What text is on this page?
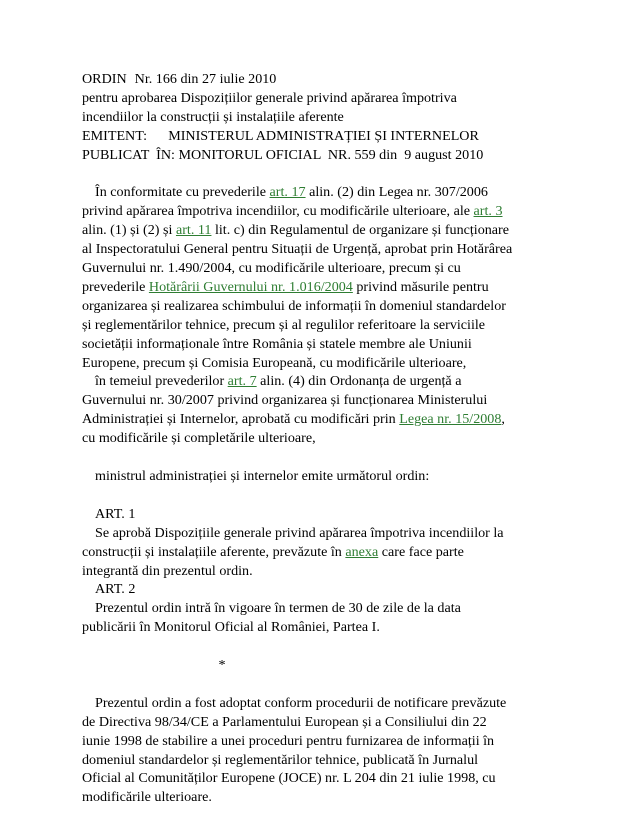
ORDIN Nr. 166 din 27 iulie 2010
pentru aprobarea Dispozițiilor generale privind apărarea împotriva
incendiilor la construcții și instalațiile aferente
EMITENT:      MINISTERUL ADMINISTRAȚIEI ȘI INTERNELOR
PUBLICAT  ÎN: MONITORUL OFICIAL  NR. 559 din  9 august 2010
În conformitate cu prevederile art. 17 alin. (2) din Legea nr. 307/2006
privind apărarea împotriva incendiilor, cu modificările ulterioare, ale art. 3
alin. (1) și (2) și art. 11 lit. c) din Regulamentul de organizare și funcționare
al Inspectoratului General pentru Situații de Urgență, aprobat prin Hotărârea
Guvernului nr. 1.490/2004, cu modificările ulterioare, precum și cu
prevederile Hotărârii Guvernului nr. 1.016/2004 privind măsurile pentru
organizarea și realizarea schimbului de informații în domeniul standardelor
și reglementărilor tehnice, precum și al regulilor referitoare la serviciile
societății informaționale între România și statele membre ale Uniunii
Europene, precum și Comisia Europeană, cu modificările ulterioare,
în temeiul prevederilor art. 7 alin. (4) din Ordonanța de urgență a
Guvernului nr. 30/2007 privind organizarea și funcționarea Ministerului
Administrației și Internelor, aprobată cu modificări prin Legea nr. 15/2008,
cu modificările și completările ulterioare,
ministrul administrației și internelor emite următorul ordin:
ART. 1
Se aprobă Dispozițiile generale privind apărarea împotriva incendiilor la
construcții și instalațiile aferente, prevăzute în anexa care face parte
integrantă din prezentul ordin.
ART. 2
Prezentul ordin intră în vigoare în termen de 30 de zile de la data
publicării în Monitorul Oficial al României, Partea I.
*
Prezentul ordin a fost adoptat conform procedurii de notificare prevăzute
de Directiva 98/34/CE a Parlamentului European și a Consiliului din 22
iunie 1998 de stabilire a unei proceduri pentru furnizarea de informații în
domeniul standardelor și reglementărilor tehnice, publicată în Jurnalul
Oficial al Comunităților Europene (JOCE) nr. L 204 din 21 iulie 1998, cu
modificările ulterioare.
